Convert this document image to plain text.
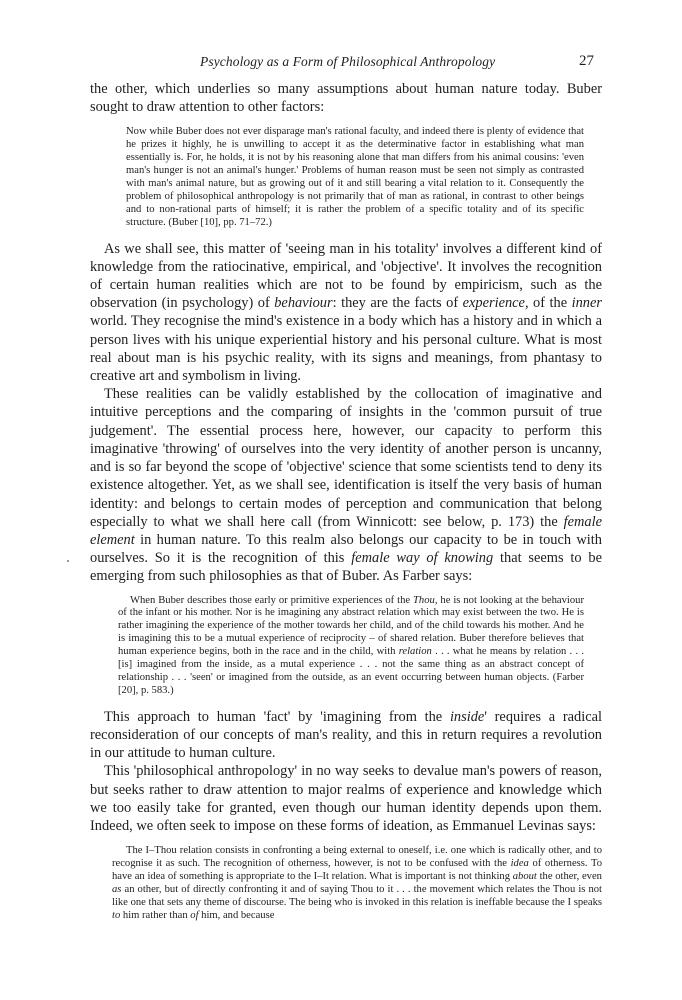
Psychology as a Form of Philosophical Anthropology	27

the other, which underlies so many assumptions about human nature today. Buber sought to draw attention to other factors:

Now while Buber does not ever disparage man's rational faculty, and indeed there is plenty of evidence that he prizes it highly, he is unwilling to accept it as the determinative factor in establishing what man essentially is. For, he holds, it is not by his reasoning alone that man differs from his animal cousins: 'even man's hunger is not an animal's hunger.' Problems of human reason must be seen not simply as contrasted with man's animal nature, but as growing out of it and still bearing a vital relation to it. Consequently the problem of philosophical anthropology is not primarily that of man as rational, in contrast to other beings and to non-rational parts of himself; it is rather the problem of a specific totality and of its specific structure. (Buber [10], pp. 71–72.)

As we shall see, this matter of 'seeing man in his totality' involves a different kind of knowledge from the ratiocinative, empirical, and 'objective'. It involves the recognition of certain human realities which are not to be found by empiricism, such as the observation (in psychology) of behaviour: they are the facts of experience, of the inner world. They recognise the mind's existence in a body which has a history and in which a person lives with his unique experiential history and his personal culture. What is most real about man is his psychic reality, with its signs and meanings, from phantasy to creative art and symbolism in living.

These realities can be validly established by the collocation of imaginative and intuitive perceptions and the comparing of insights in the 'common pursuit of true judgement'. The essential process here, however, our capacity to perform this imaginative 'throwing' of ourselves into the very identity of another person is uncanny, and is so far beyond the scope of 'objective' science that some scientists tend to deny its existence altogether. Yet, as we shall see, identification is itself the very basis of human identity: and belongs to certain modes of perception and communication that belong especially to what we shall here call (from Winnicott: see below, p. 173) the female element in human nature. To this realm also belongs our capacity to be in touch with ourselves. So it is the recognition of this female way of knowing that seems to be emerging from such philosophies as that of Buber. As Farber says:

When Buber describes those early or primitive experiences of the Thou, he is not looking at the behaviour of the infant or his mother. Nor is he imagining any abstract relation which may exist between the two. He is rather imagining the experience of the mother towards her child, and of the child towards his mother. And he is imagining this to be a mutual experience of reciprocity – of shared relation. Buber therefore believes that human experience begins, both in the race and in the child, with relation . . . what he means by relation . . . [is] imagined from the inside, as a mutal experience . . . not the same thing as an abstract concept of relationship . . . 'seen' or imagined from the outside, as an event occurring between human objects. (Farber [20], p. 583.)

This approach to human 'fact' by 'imagining from the inside' requires a radical reconsideration of our concepts of man's reality, and this in return requires a revolution in our attitude to human culture.

This 'philosophical anthropology' in no way seeks to devalue man's powers of reason, but seeks rather to draw attention to major realms of experience and knowledge which we too easily take for granted, even though our human identity depends upon them. Indeed, we often seek to impose on these forms of ideation, as Emmanuel Levinas says:

The I–Thou relation consists in confronting a being external to oneself, i.e. one which is radically other, and to recognise it as such. The recognition of otherness, however, is not to be confused with the idea of otherness. To have an idea of something is appropriate to the I–It relation. What is important is not thinking about the other, even as an other, but of directly confronting it and of saying Thou to it . . . the movement which relates the Thou is not like one that sets any theme of discourse. The being who is invoked in this relation is ineffable because the I speaks to him rather than of him, and because
